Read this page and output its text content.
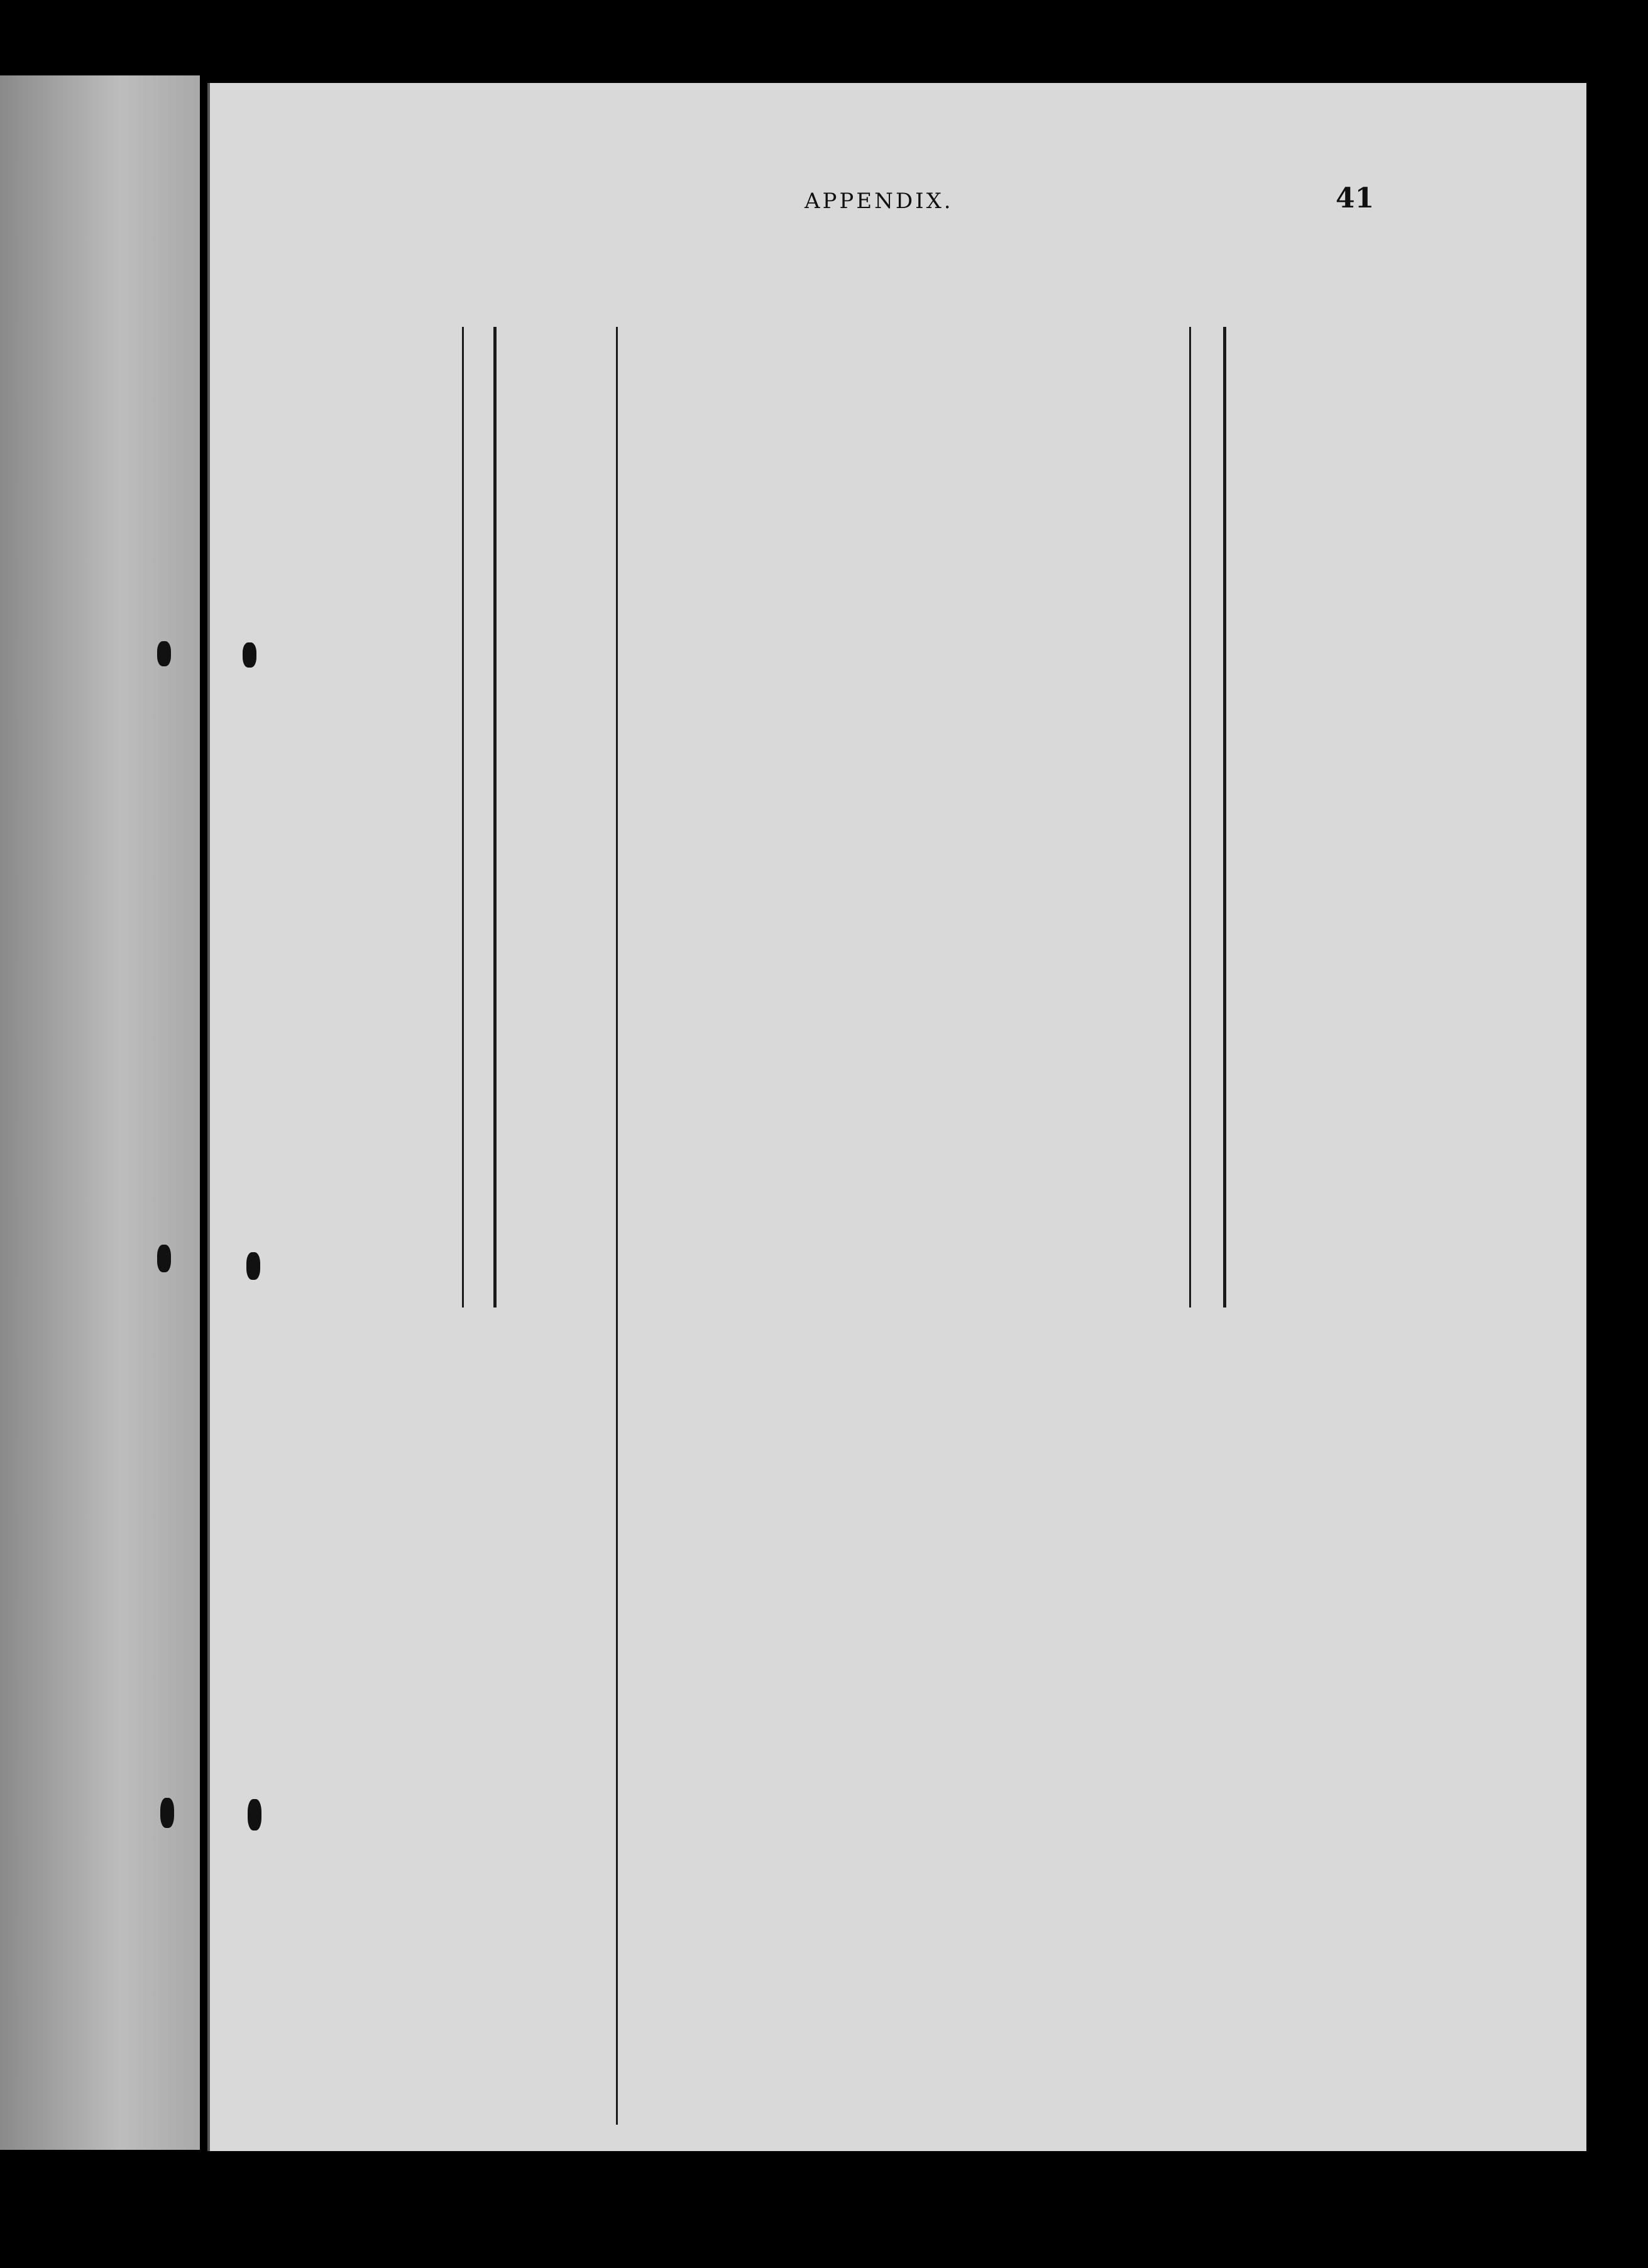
APPENDIX.	41
